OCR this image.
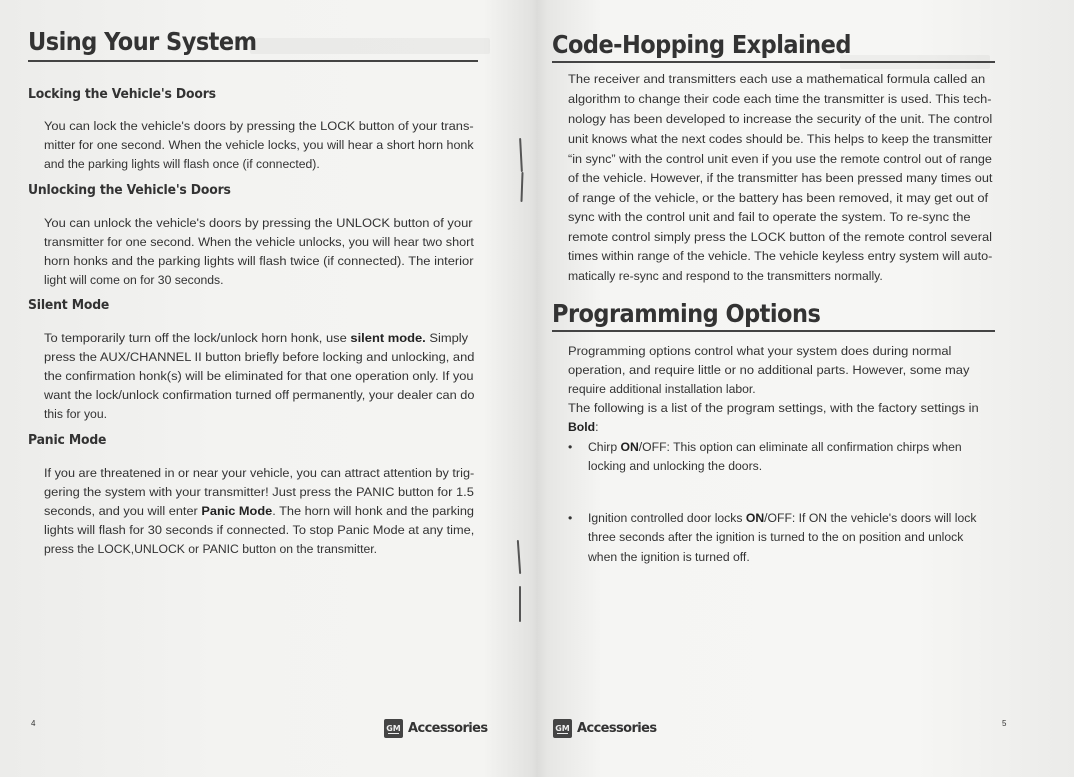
Using Your System
Locking the Vehicle's Doors

You can lock the vehicle's doors by pressing the LOCK button of your trans-

mitter for one second. When the vehicle locks, you will hear a short horn honk

and the parking lights will flash once (if connected).

Unlocking the Vehicle's Doors

You can unlock the vehicle's doors by pressing the UNLOCK button of your

transmitter for one second. When the vehicle unlocks, you will hear two short

horn honks and the parking lights will flash twice (if connected). The interior

light will come on for 30 seconds.

Silent Mode

To temporarily turn off the lock/unlock horn honk, use silent mode. Simply

press the AUX/CHANNEL II button briefly before locking and unlocking, and

the confirmation honk(s) will be eliminated for that one operation only. If you

want the lock/unlock confirmation turned off permanently, your dealer can do

this for you.

Panic Mode

If you are threatened in or near your vehicle, you can attract attention by trig-

gering the system with your transmitter! Just press the PANIC button for 1.5

seconds, and you will enter Panic Mode. The horn will honk and the parking

lights will flash for 30 seconds if connected. To stop Panic Mode at any time,

press the LOCK,UNLOCK or PANIC button on the transmitter.

4
GM Accessories
Code-Hopping Explained

The receiver and transmitters each use a mathematical formula called an

algorithm to change their code each time the transmitter is used. This tech-

nology has been developed to increase the security of the unit. The control

unit knows what the next codes should be. This helps to keep the transmitter

“in sync” with the control unit even if you use the remote control out of range

of the vehicle. However, if the transmitter has been pressed many times out

of range of the vehicle, or the battery has been removed, it may get out of

sync with the control unit and fail to operate the system. To re-sync the

remote control simply press the LOCK button of the remote control several

times within range of the vehicle. The vehicle keyless entry system will auto-

matically re-sync and respond to the transmitters normally.

Programming Options

Programming options control what your system does during normal

operation, and require little or no additional parts. However, some may

require additional installation labor.

The following is a list of the program settings, with the factory settings in

Bold:

• Chirp ON/OFF: This option can eliminate all confirmation chirps when
locking and unlocking the doors.
• Ignition controlled door locks ON/OFF: If ON the vehicle's doors will lock
three seconds after the ignition is turned to the on position and unlock
when the ignition is turned off.
5
GM Accessories
